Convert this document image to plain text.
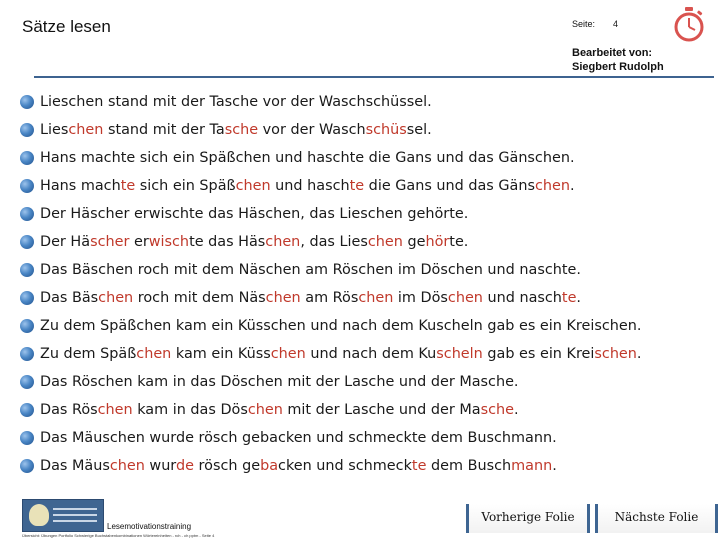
Sätze lesen	Seite: 4
Bearbeitet von:
Siegbert Rudolph
Lieschen stand mit der Tasche vor der Waschschüssel.
Lieschen stand mit der Tasche vor der Waschschüssel.
Hans machte sich ein Späßchen und haschte die Gans und das Gänschen.
Hans machte sich ein Späßchen und haschte die Gans und das Gänschen.
Der Häscher erwischte das Häschen, das Lieschen gehörte.
Der Häscher erwischte das Häschen, das Lieschen gehörte.
Das Bäschen roch mit dem Näschen am Röschen im Döschen und naschte.
Das Bäschen roch mit dem Näschen am Röschen im Döschen und naschte.
Zu dem Späßchen kam ein Küsschen und nach dem Kuscheln gab es ein Kreischen.
Zu dem Späßchen kam ein Küsschen und nach dem Kuscheln gab es ein Kreischen.
Das Röschen kam in das Döschen mit der Lasche und der Masche.
Das Röschen kam in das Döschen mit der Lasche und der Masche.
Das Mäuschen wurde rösch gebacken und schmeckte dem Buschmann.
Das Mäuschen wurde rösch gebacken und schmeckte dem Buschmann.
Lesemotivationstraining
Übersicht: Übungen Portfolio Schwierige Buchstabenkombinationen Wörtereinheiten - rch - ch pptm - Seite 4
Vorherige Folie	Nächste Folie
